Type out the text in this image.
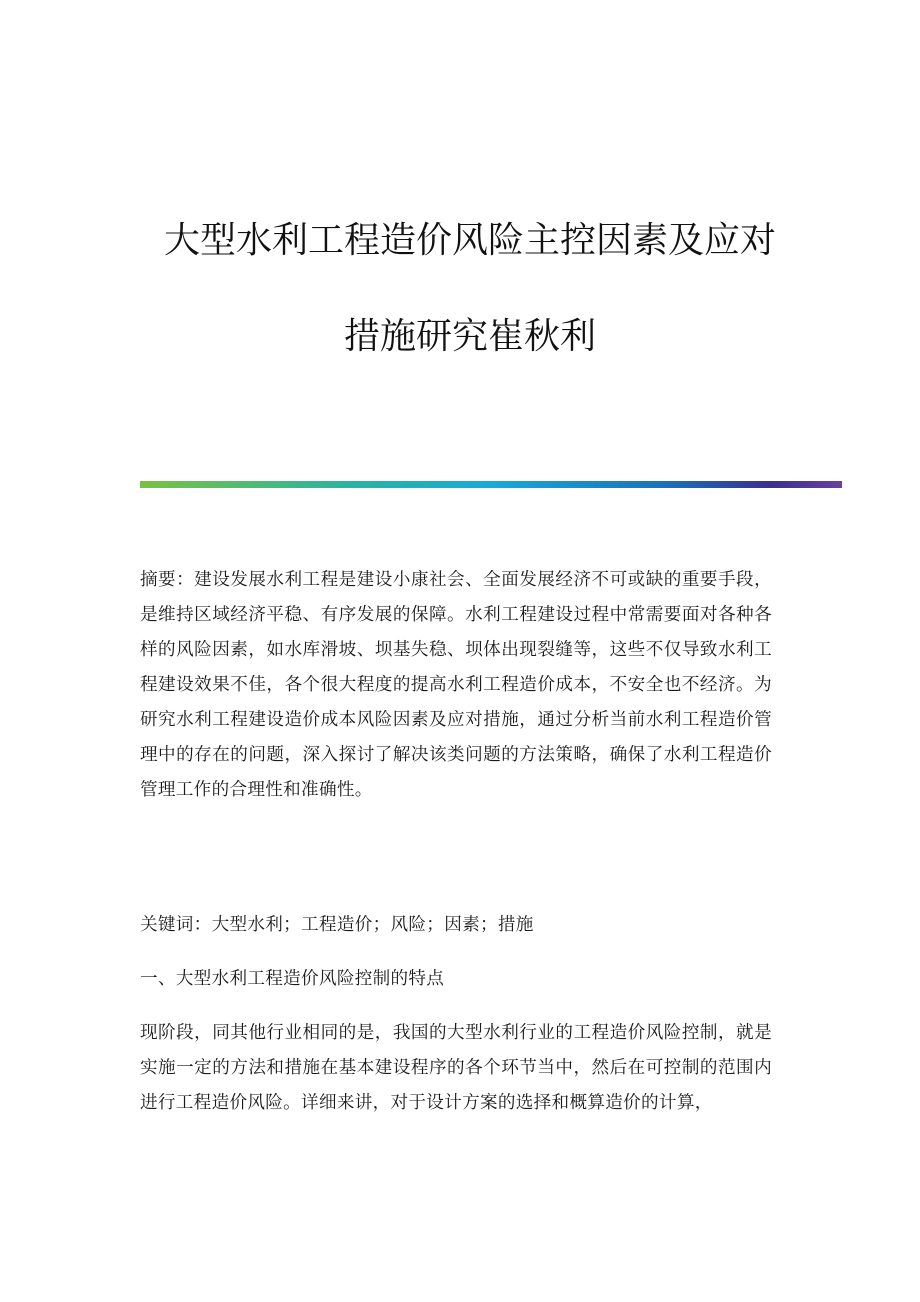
大型水利工程造价风险主控因素及应对
措施研究崔秋利

摘要：建设发展水利工程是建设小康社会、全面发展经济不可或缺的重要手段，是维持区域经济平稳、有序发展的保障。水利工程建设过程中常需要面对各种各样的风险因素，如水库滑坡、坝基失稳、坝体出现裂缝等，这些不仅导致水利工程建设效果不佳，各个很大程度的提高水利工程造价成本，不安全也不经济。为研究水利工程建设造价成本风险因素及应对措施，通过分析当前水利工程造价管理中的存在的问题，深入探讨了解决该类问题的方法策略，确保了水利工程造价管理工作的合理性和准确性。

关键词：大型水利；工程造价；风险；因素；措施

一、大型水利工程造价风险控制的特点

现阶段，同其他行业相同的是，我国的大型水利行业的工程造价风险控制，就是实施一定的方法和措施在基本建设程序的各个环节当中，然后在可控制的范围内进行工程造价风险。详细来讲，对于设计方案的选择和概算造价的计算，
